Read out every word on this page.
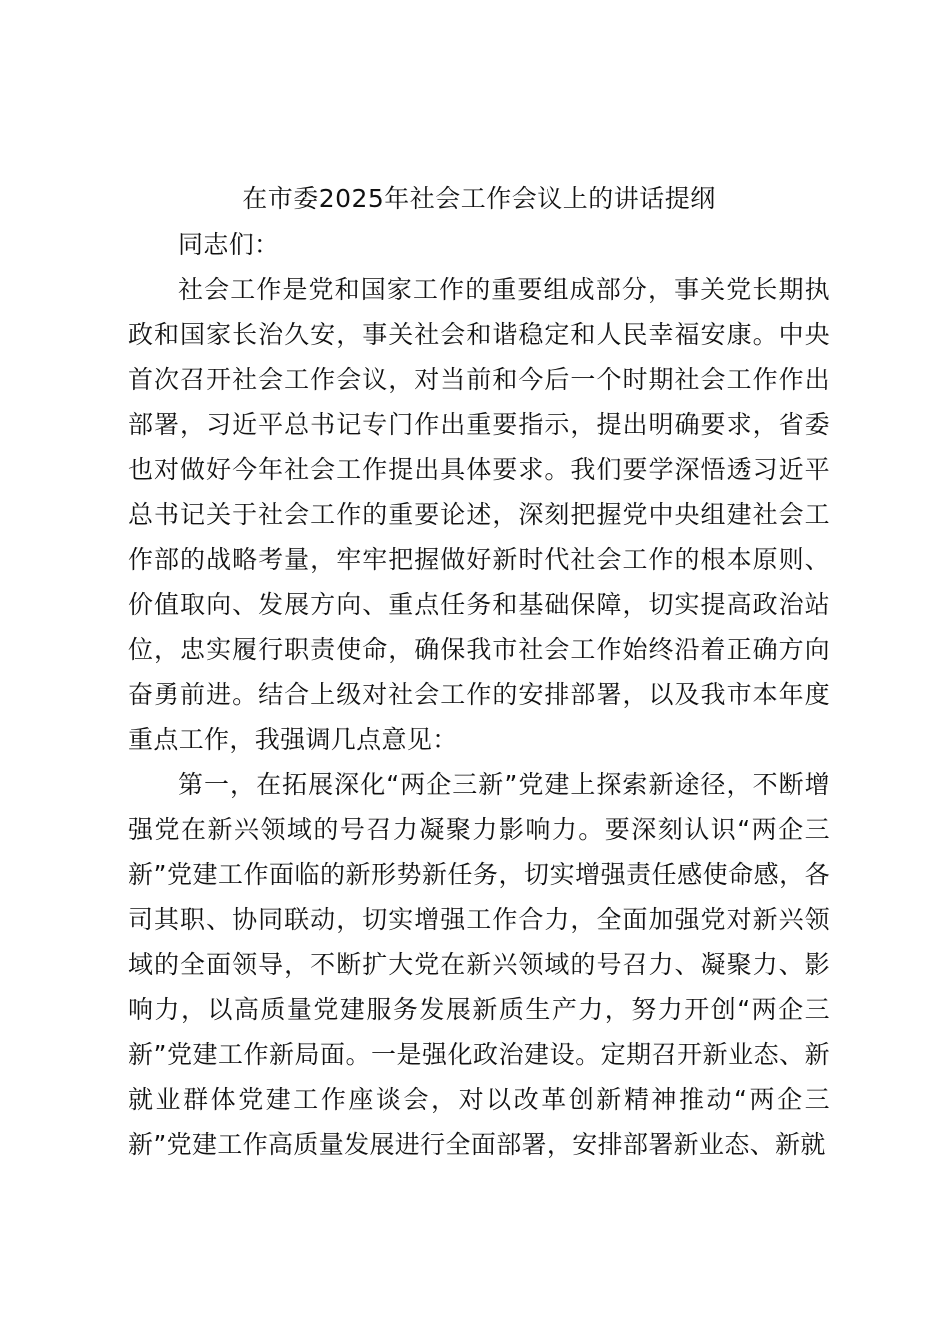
在市委2025年社会工作会议上的讲话提纲

同志们：

社会工作是党和国家工作的重要组成部分，事关党长期执政和国家长治久安，事关社会和谐稳定和人民幸福安康。中央首次召开社会工作会议，对当前和今后一个时期社会工作作出部署，习近平总书记专门作出重要指示，提出明确要求，省委也对做好今年社会工作提出具体要求。我们要学深悟透习近平总书记关于社会工作的重要论述，深刻把握党中央组建社会工作部的战略考量，牢牢把握做好新时代社会工作的根本原则、价值取向、发展方向、重点任务和基础保障，切实提高政治站位，忠实履行职责使命，确保我市社会工作始终沿着正确方向奋勇前进。结合上级对社会工作的安排部署，以及我市本年度重点工作，我强调几点意见：

第一，在拓展深化“两企三新”党建上探索新途径，不断增强党在新兴领域的号召力凝聚力影响力。要深刻认识“两企三新”党建工作面临的新形势新任务，切实增强责任感使命感，各司其职、协同联动，切实增强工作合力，全面加强党对新兴领域的全面领导，不断扩大党在新兴领域的号召力、凝聚力、影响力，以高质量党建服务发展新质生产力，努力开创“两企三新”党建工作新局面。一是强化政治建设。定期召开新业态、新就业群体党建工作座谈会，对以改革创新精神推动“两企三新”党建工作高质量发展进行全面部署，安排部署新业态、新就
